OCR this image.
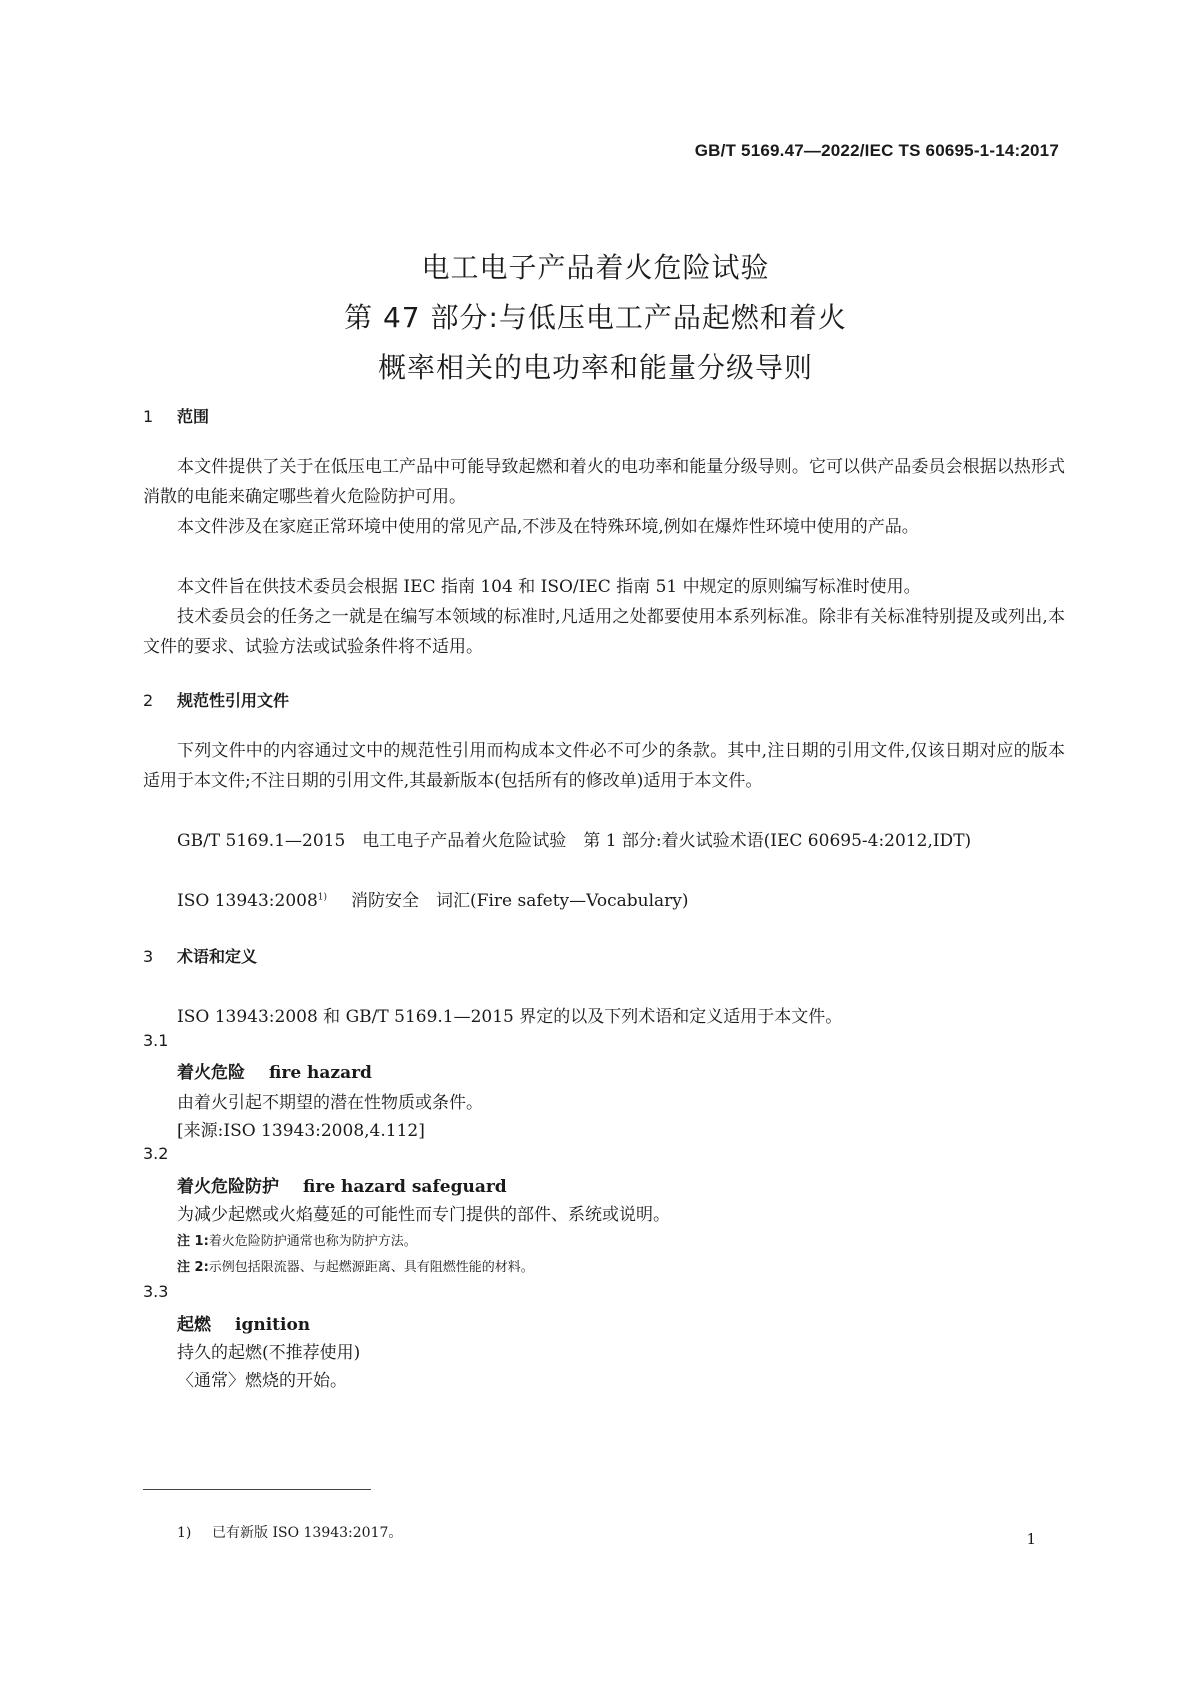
GB/T 5169.47—2022/IEC TS 60695-1-14:2017
电工电子产品着火危险试验
第 47 部分:与低压电工产品起燃和着火
概率相关的电功率和能量分级导则
1 范围

本文件提供了关于在低压电工产品中可能导致起燃和着火的电功率和能量分级导则。它可以供产品委员会根据以热形式消散的电能来确定哪些着火危险防护可用。

本文件涉及在家庭正常环境中使用的常见产品,不涉及在特殊环境,例如在爆炸性环境中使用的产品。

本文件旨在供技术委员会根据 IEC 指南 104 和 ISO/IEC 指南 51 中规定的原则编写标准时使用。

技术委员会的任务之一就是在编写本领域的标准时,凡适用之处都要使用本系列标准。除非有关标准特别提及或列出,本文件的要求、试验方法或试验条件将不适用。

2 规范性引用文件

下列文件中的内容通过文中的规范性引用而构成本文件必不可少的条款。其中,注日期的引用文件,仅该日期对应的版本适用于本文件;不注日期的引用文件,其最新版本(包括所有的修改单)适用于本文件。

GB/T 5169.1—2015　电工电子产品着火危险试验　第 1 部分:着火试验术语(IEC 60695-4:2012,IDT)

ISO 13943:2008$^{1)}$ 消防安全　词汇(Fire safety—Vocabulary)
3 术语和定义
ISO 13943:2008 和 GB/T 5169.1—2015 界定的以及下列术语和定义适用于本文件。
3.1
着火危险 fire hazard
由着火引起不期望的潜在性物质或条件。
[来源:ISO 13943:2008,4.112]
3.2
着火危险防护 fire hazard safeguard
为减少起燃或火焰蔓延的可能性而专门提供的部件、系统或说明。
注 1:着火危险防护通常也称为防护方法。
注 2:示例包括限流器、与起燃源距离、具有阻燃性能的材料。
3.3
起燃 ignition
持久的起燃(不推荐使用)
〈通常〉燃烧的开始。
1) 已有新版 ISO 13943:2017。	1
